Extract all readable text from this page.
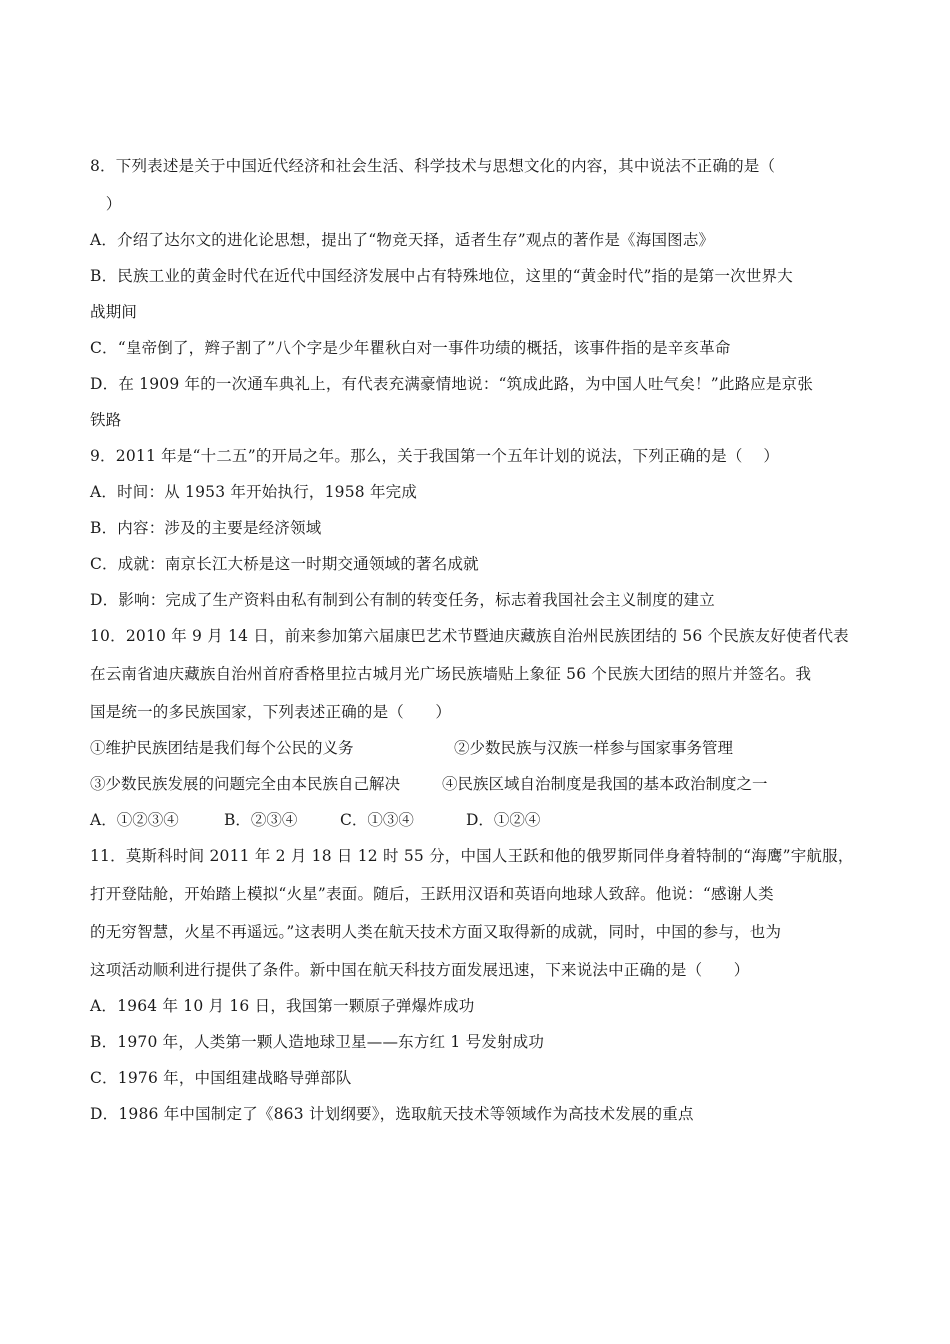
8．下列表述是关于中国近代经济和社会生活、科学技术与思想文化的内容，其中说法不正确的是（
　）
A．介绍了达尔文的进化论思想，提出了“物竞天择，适者生存”观点的著作是《海国图志》
B．民族工业的黄金时代在近代中国经济发展中占有特殊地位，这里的“黄金时代”指的是第一次世界大
战期间
C．“皇帝倒了，辫子割了”八个字是少年瞿秋白对一事件功绩的概括，该事件指的是辛亥革命
D．在 1909 年的一次通车典礼上，有代表充满豪情地说：“筑成此路，为中国人吐气矣！”此路应是京张
铁路
9．2011 年是“十二五”的开局之年。那么，关于我国第一个五年计划的说法，下列正确的是（　 ）
A．时间：从 1953 年开始执行，1958 年完成
B．内容：涉及的主要是经济领域
C．成就：南京长江大桥是这一时期交通领域的著名成就
D．影响：完成了生产资料由私有制到公有制的转变任务，标志着我国社会主义制度的建立
10．2010 年 9 月 14 日，前来参加第六届康巴艺术节暨迪庆藏族自治州民族团结的 56 个民族友好使者代表
在云南省迪庆藏族自治州首府香格里拉古城月光广场民族墙贴上象征 56 个民族大团结的照片并签名。我
国是统一的多民族国家，下列表述正确的是（　　）
①维护民族团结是我们每个公民的义务	②少数民族与汉族一样参与国家事务管理
③少数民族发展的问题完全由本民族自己解决	④民族区域自治制度是我国的基本政治制度之一
A．①②③④	B．②③④	C．①③④	D．①②④
11．莫斯科时间 2011 年 2 月 18 日 12 时 55 分，中国人王跃和他的俄罗斯同伴身着特制的“海鹰”宇航服，
打开登陆舱，开始踏上模拟“火星”表面。随后，王跃用汉语和英语向地球人致辞。他说：“感谢人类
的无穷智慧，火星不再遥远。”这表明人类在航天技术方面又取得新的成就，同时，中国的参与，也为
这项活动顺利进行提供了条件。新中国在航天科技方面发展迅速，下来说法中正确的是（　　）
A．1964 年 10 月 16 日，我国第一颗原子弹爆炸成功
B．1970 年，人类第一颗人造地球卫星——东方红 1 号发射成功
C．1976 年，中国组建战略导弹部队
D．1986 年中国制定了《863 计划纲要》，选取航天技术等领域作为高技术发展的重点
